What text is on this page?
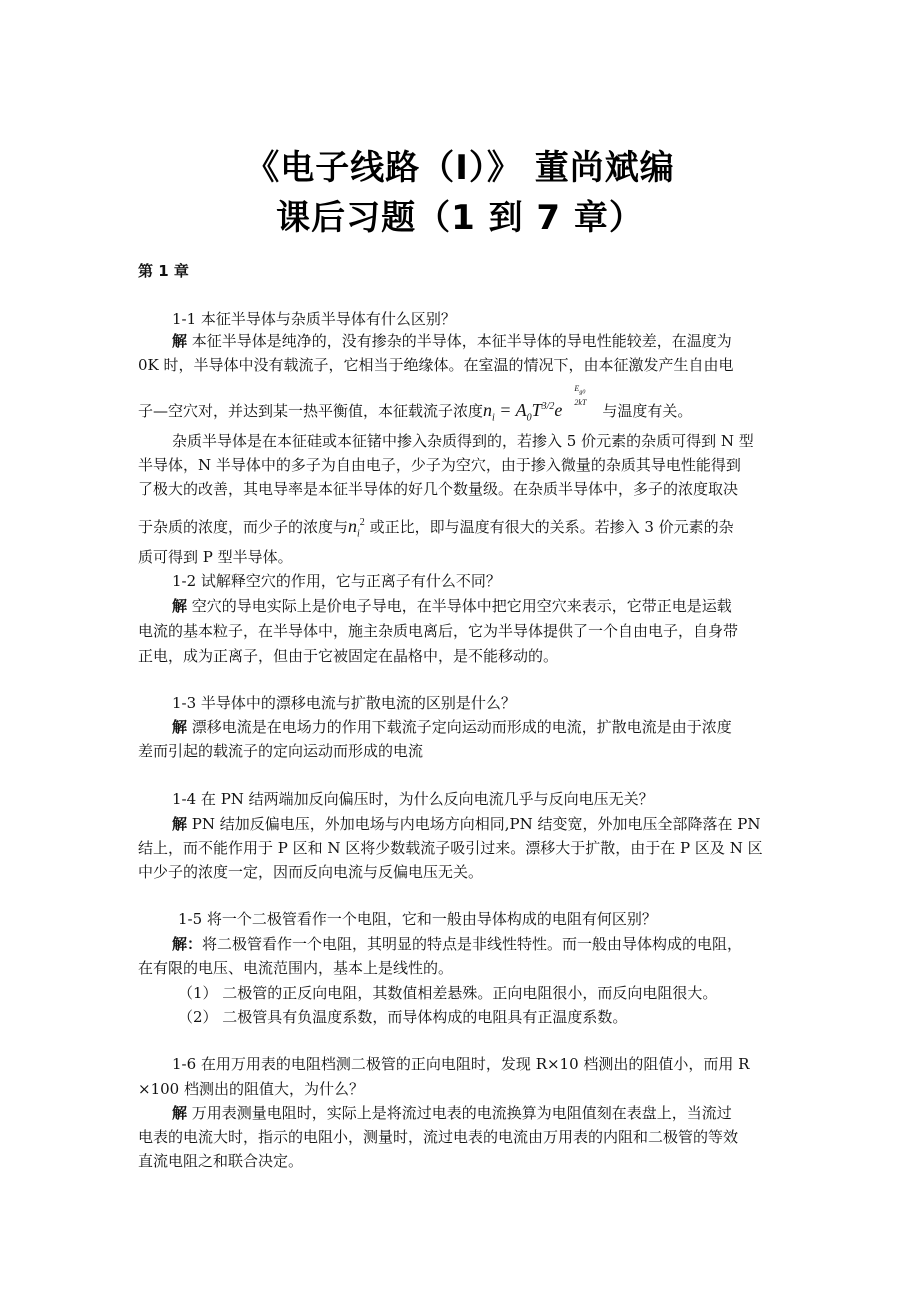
《电子线路（I）》 董尚斌编
课后习题（1 到 7 章）
第 1 章
1-1 本征半导体与杂质半导体有什么区别？
解 本征半导体是纯净的，没有掺杂的半导体，本征半导体的导电性能较差，在温度为
0K 时，半导体中没有载流子，它相当于绝缘体。在室温的情况下，由本征激发产生自由电
子—空穴对，并达到某一热平衡值，本征载流子浓度$n_i = A_0T^{3/2}e$
$E_{g0}$
2kT 与温度有关。
杂质半导体是在本征硅或本征锗中掺入杂质得到的，若掺入 5 价元素的杂质可得到 N 型
半导体，N 半导体中的多子为自由电子，少子为空穴，由于掺入微量的杂质其导电性能得到
了极大的改善，其电导率是本征半导体的好几个数量级。在杂质半导体中，多子的浓度取决
于杂质的浓度，而少子的浓度与$n_i^2$ 或正比，即与温度有很大的关系。若掺入 3 价元素的杂
质可得到 P 型半导体。
1-2 试解释空穴的作用，它与正离子有什么不同？
解 空穴的导电实际上是价电子导电，在半导体中把它用空穴来表示，它带正电是运载
电流的基本粒子，在半导体中，施主杂质电离后，它为半导体提供了一个自由电子，自身带
正电，成为正离子，但由于它被固定在晶格中，是不能移动的。
1-3 半导体中的漂移电流与扩散电流的区别是什么？
解 漂移电流是在电场力的作用下载流子定向运动而形成的电流，扩散电流是由于浓度
差而引起的载流子的定向运动而形成的电流
1-4 在 PN 结两端加反向偏压时，为什么反向电流几乎与反向电压无关？
解 PN 结加反偏电压，外加电场与内电场方向相同,PN 结变宽，外加电压全部降落在 PN
结上，而不能作用于 P 区和 N 区将少数载流子吸引过来。漂移大于扩散，由于在 P 区及 N 区
中少子的浓度一定，因而反向电流与反偏电压无关。
1-5 将一个二极管看作一个电阻，它和一般由导体构成的电阻有何区别？
解：将二极管看作一个电阻，其明显的特点是非线性特性。而一般由导体构成的电阻，
在有限的电压、电流范围内，基本上是线性的。
（1） 二极管的正反向电阻，其数值相差悬殊。正向电阻很小，而反向电阻很大。
（2） 二极管具有负温度系数，而导体构成的电阻具有正温度系数。
1-6 在用万用表的电阻档测二极管的正向电阻时，发现 R×10 档测出的阻值小，而用 R
×100 档测出的阻值大，为什么？
解 万用表测量电阻时，实际上是将流过电表的电流换算为电阻值刻在表盘上，当流过
电表的电流大时，指示的电阻小，测量时，流过电表的电流由万用表的内阻和二极管的等效
直流电阻之和联合决定。
